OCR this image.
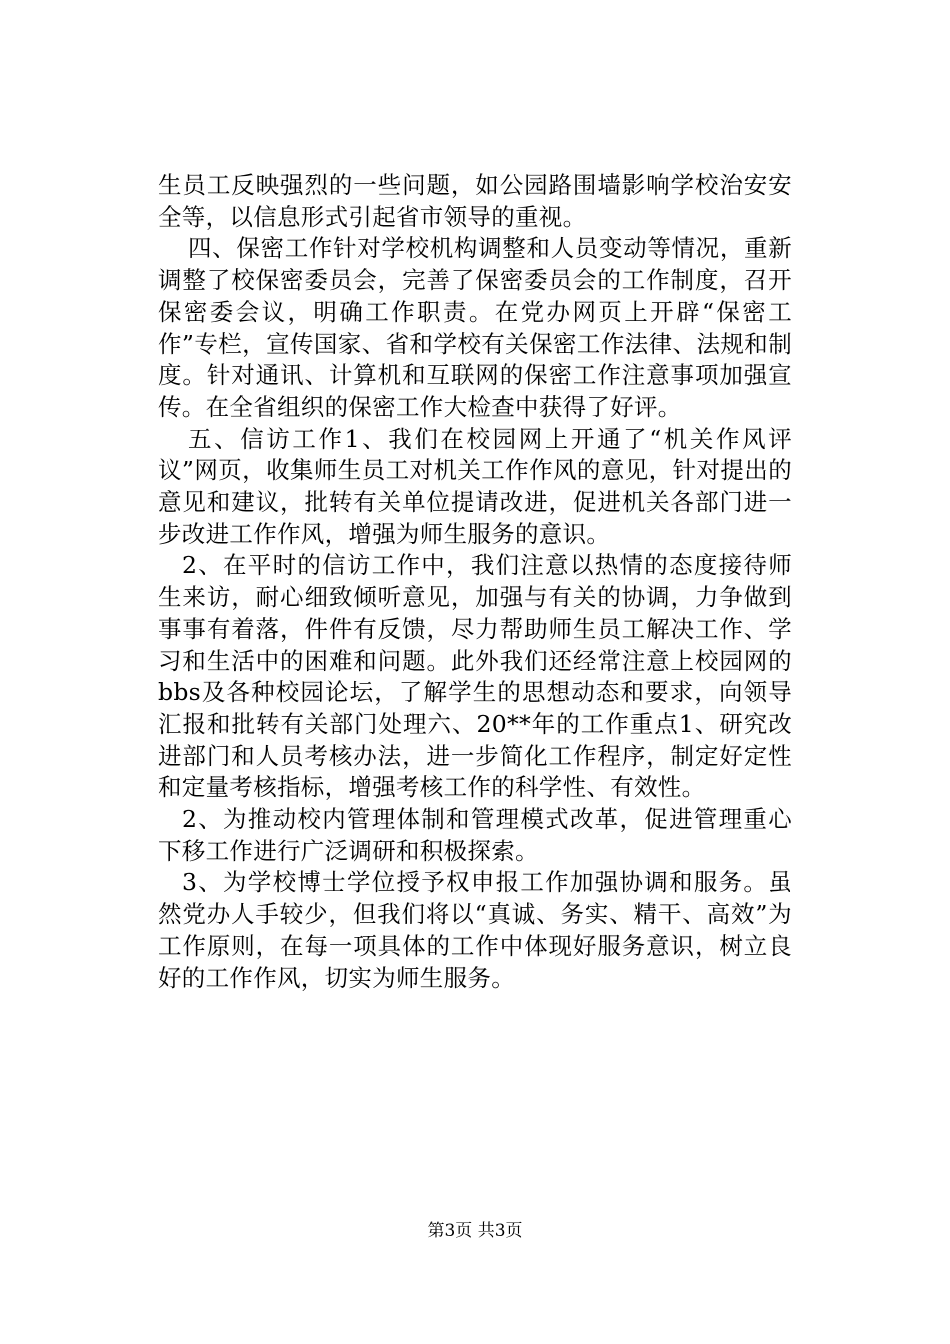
生员工反映强烈的一些问题，如公园路围墙影响学校治安安全等，以信息形式引起省市领导的重视。

四、保密工作针对学校机构调整和人员变动等情况，重新调整了校保密委员会，完善了保密委员会的工作制度，召开保密委会议，明确工作职责。在党办网页上开辟“保密工作”专栏，宣传国家、省和学校有关保密工作法律、法规和制度。针对通讯、计算机和互联网的保密工作注意事项加强宣传。在全省组织的保密工作大检查中获得了好评。

五、信访工作1、我们在校园网上开通了“机关作风评议”网页，收集师生员工对机关工作作风的意见，针对提出的意见和建议，批转有关单位提请改进，促进机关各部门进一步改进工作作风，增强为师生服务的意识。

2、在平时的信访工作中，我们注意以热情的态度接待师生来访，耐心细致倾听意见，加强与有关的协调，力争做到事事有着落，件件有反馈，尽力帮助师生员工解决工作、学习和生活中的困难和问题。此外我们还经常注意上校园网的bbs及各种校园论坛，了解学生的思想动态和要求，向领导汇报和批转有关部门处理六、20**年的工作重点1、研究改进部门和人员考核办法，进一步简化工作程序，制定好定性和定量考核指标，增强考核工作的科学性、有效性。

2、为推动校内管理体制和管理模式改革，促进管理重心下移工作进行广泛调研和积极探索。

3、为学校博士学位授予权申报工作加强协调和服务。虽然党办人手较少，但我们将以“真诚、务实、精干、高效”为工作原则，在每一项具体的工作中体现好服务意识，树立良好的工作作风，切实为师生服务。

第3页 共3页
